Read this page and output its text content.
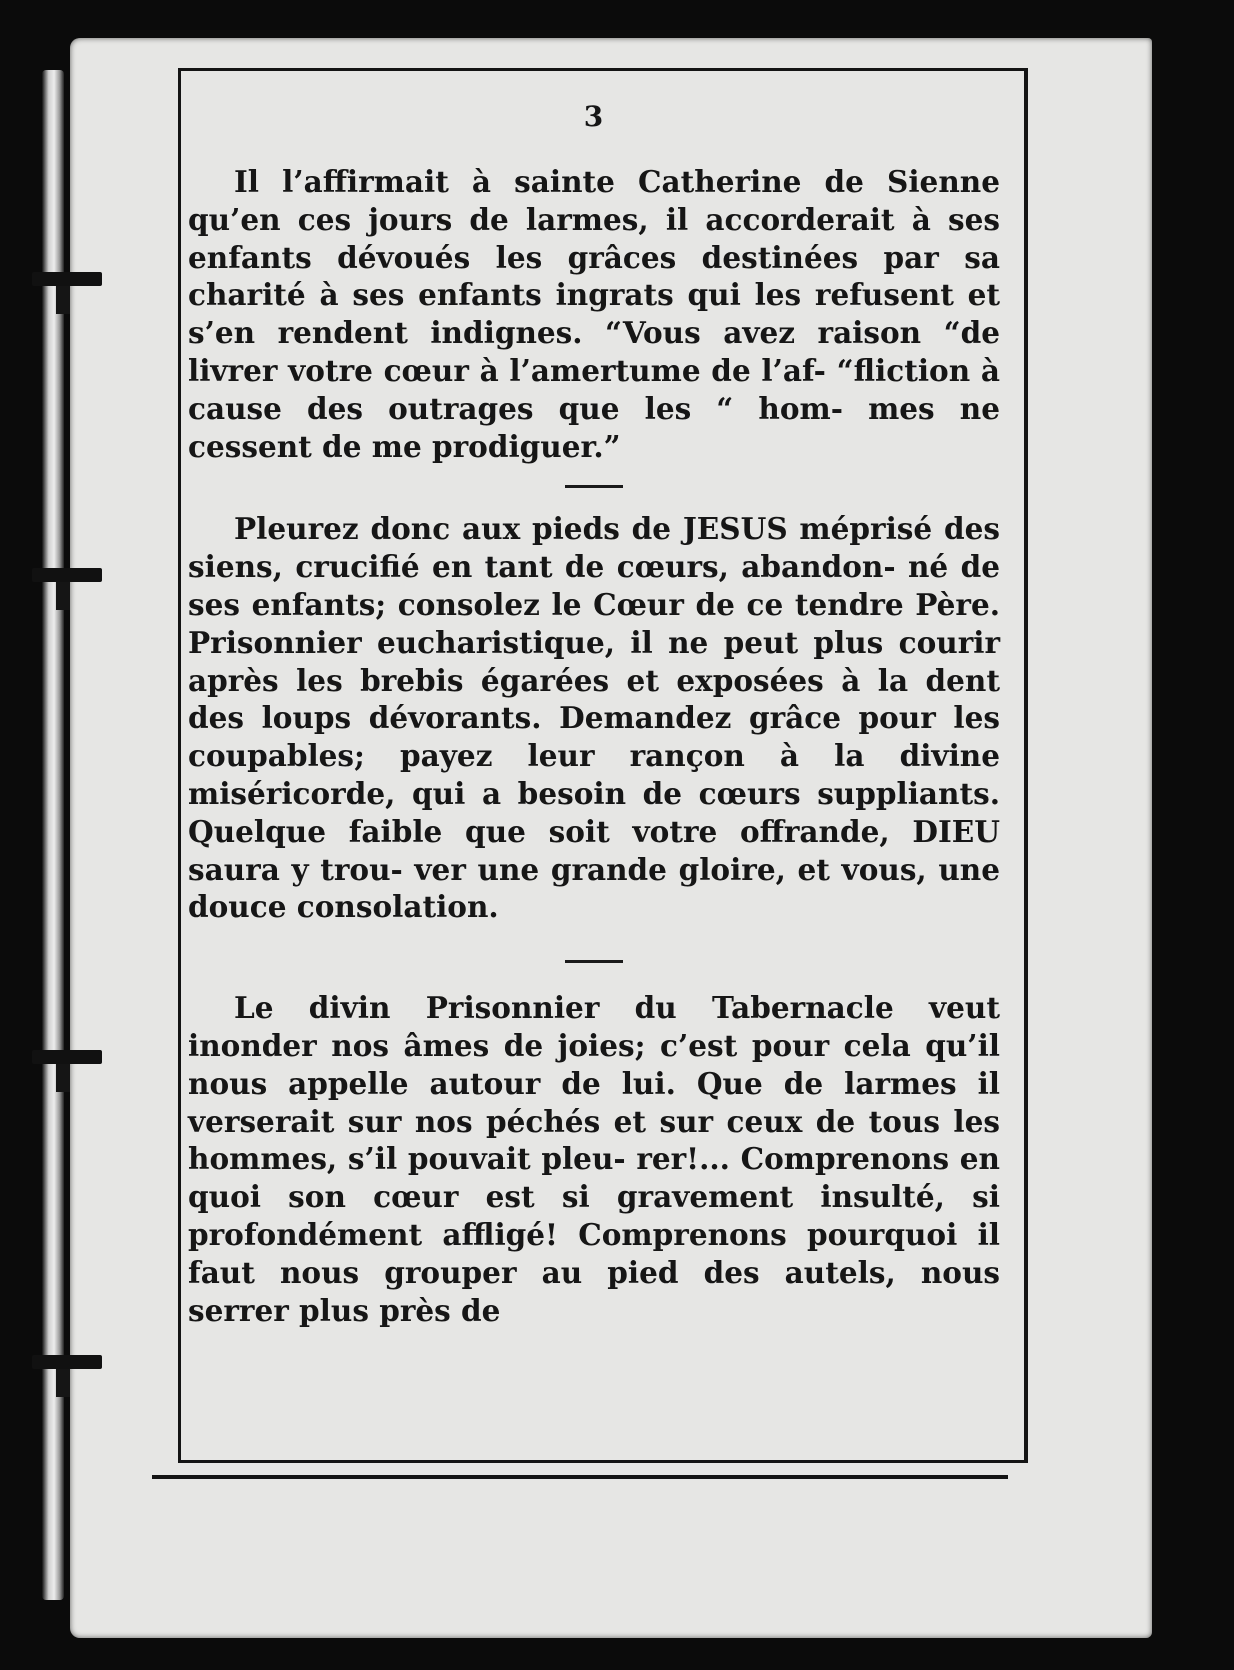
3

Il l’affirmait à sainte Catherine de Sienne qu’en ces jours de larmes, il accorderait à ses enfants dévoués les grâces destinées par sa charité à ses enfants ingrats qui les refusent et s’en rendent indignes. “Vous avez raison “de livrer votre cœur à l’amertume de l’af- “fliction à cause des outrages que les “ hom- mes ne cessent de me prodiguer.”

Pleurez donc aux pieds de JESUS méprisé des siens, crucifié en tant de cœurs, abandon- né de ses enfants; consolez le Cœur de ce tendre Père. Prisonnier eucharistique, il ne peut plus courir après les brebis égarées et exposées à la dent des loups dévorants. Demandez grâce pour les coupables; payez leur rançon à la divine miséricorde, qui a besoin de cœurs suppliants. Quelque faible que soit votre offrande, DIEU saura y trou- ver une grande gloire, et vous, une douce consolation.

Le divin Prisonnier du Tabernacle veut inonder nos âmes de joies; c’est pour cela qu’il nous appelle autour de lui. Que de larmes il verserait sur nos péchés et sur ceux de tous les hommes, s’il pouvait pleu- rer!... Comprenons en quoi son cœur est si gravement insulté, si profondément affligé! Comprenons pourquoi il faut nous grouper au pied des autels, nous serrer plus près de
